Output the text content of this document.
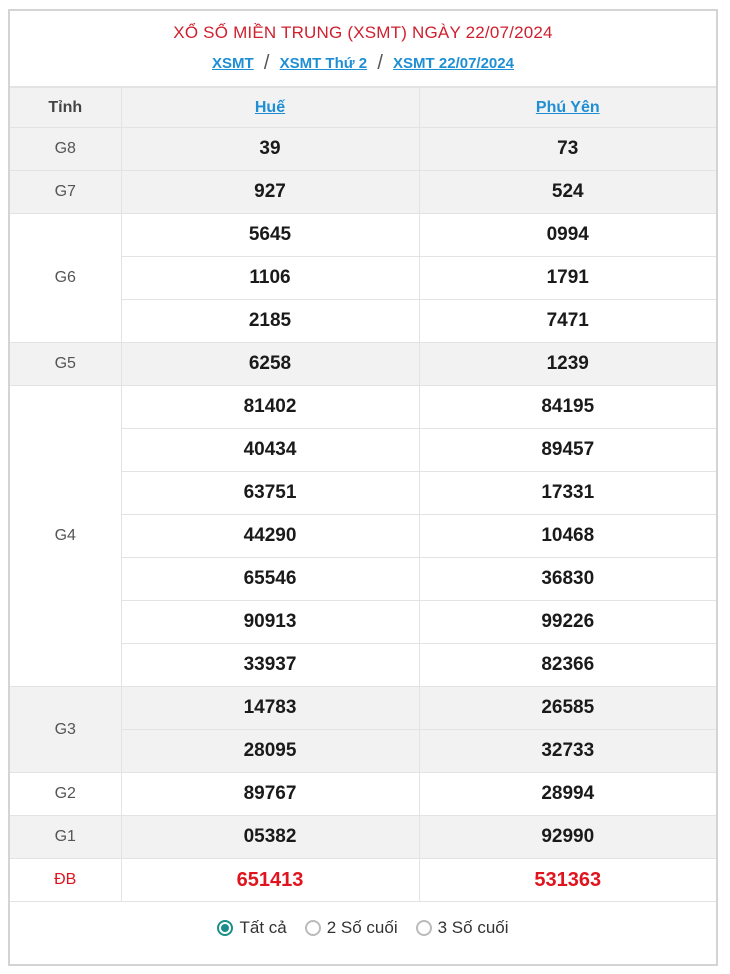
XỔ SỐ MIỀN TRUNG (XSMT) NGÀY 22/07/2024
XSMT / XSMT Thứ 2 / XSMT 22/07/2024
Tỉnh	Huế	Phú Yên
G8	39	73
G7	927	524
G6	5645	0994
	1106	1791
	2185	7471
G5	6258	1239
G4	81402	84195
	40434	89457
	63751	17331
	44290	10468
	65546	36830
	90913	99226
	33937	82366
G3	14783	26585
	28095	32733
G2	89767	28994
G1	05382	92990
ĐB	651413	531363
Tất cả 2 Số cuối 3 Số cuối
